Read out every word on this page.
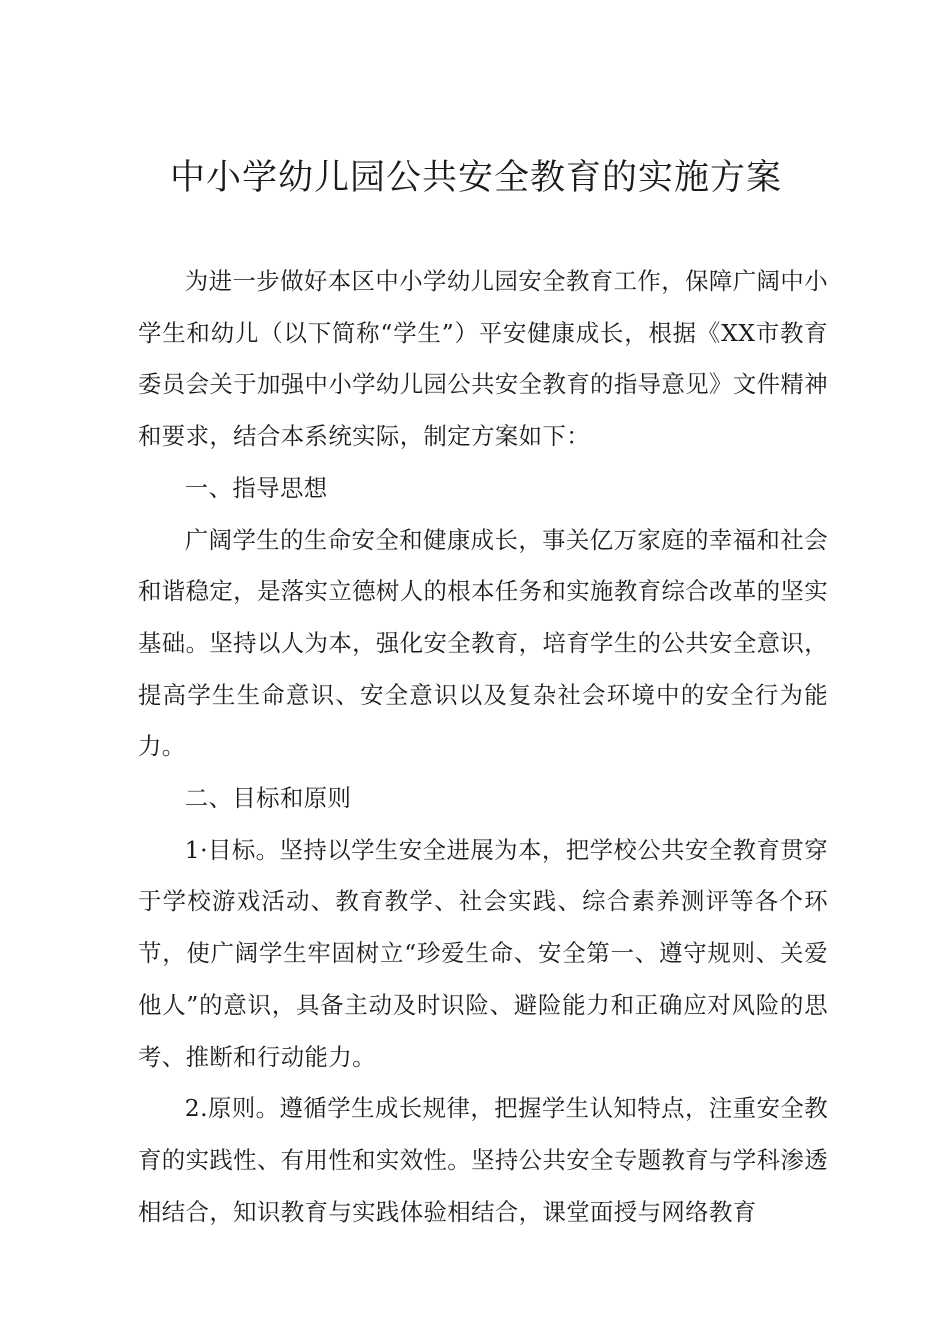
中小学幼儿园公共安全教育的实施方案

为进一步做好本区中小学幼儿园安全教育工作，保障广阔中小学生和幼儿（以下简称“学生”）平安健康成长，根据《XX市教育委员会关于加强中小学幼儿园公共安全教育的指导意见》文件精神和要求，结合本系统实际，制定方案如下：

一、指导思想

广阔学生的生命安全和健康成长，事关亿万家庭的幸福和社会和谐稳定，是落实立德树人的根本任务和实施教育综合改革的坚实基础。坚持以人为本，强化安全教育，培育学生的公共安全意识，提高学生生命意识、安全意识以及复杂社会环境中的安全行为能力。

二、目标和原则

1·目标。坚持以学生安全进展为本，把学校公共安全教育贯穿于学校游戏活动、教育教学、社会实践、综合素养测评等各个环节，使广阔学生牢固树立“珍爱生命、安全第一、遵守规则、关爱他人”的意识，具备主动及时识险、避险能力和正确应对风险的思考、推断和行动能力。

2.原则。遵循学生成长规律，把握学生认知特点，注重安全教育的实践性、有用性和实效性。坚持公共安全专题教育与学科渗透相结合，知识教育与实践体验相结合，课堂面授与网络教育
